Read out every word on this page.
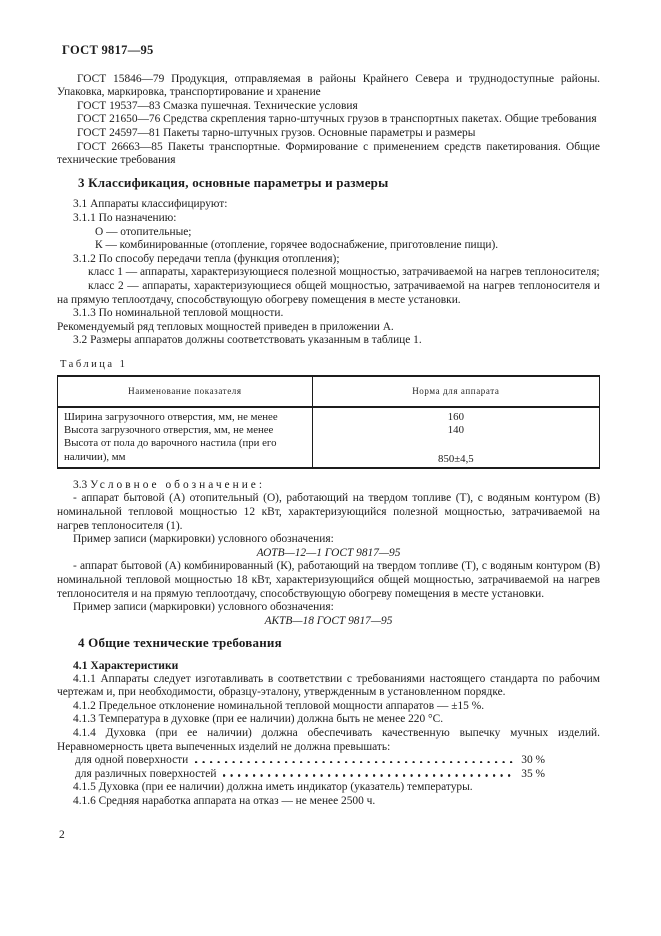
ГОСТ 9817—95

ГОСТ 15846—79 Продукция, отправляемая в районы Крайнего Севера и труднодоступные районы. Упаковка, маркировка, транспортирование и хранение

ГОСТ 19537—83 Смазка пушечная. Технические условия

ГОСТ 21650—76 Средства скрепления тарно-штучных грузов в транспортных пакетах. Общие требования

ГОСТ 24597—81 Пакеты тарно-штучных грузов. Основные параметры и размеры

ГОСТ 26663—85 Пакеты транспортные. Формирование с применением средств пакетирования. Общие технические требования

3 Классификация, основные параметры и размеры

3.1 Аппараты классифицируют:

3.1.1 По назначению:

О — отопительные;

К — комбинированные (отопление, горячее водоснабжение, приготовление пищи).

3.1.2 По способу передачи тепла (функция отопления);

класс 1 — аппараты, характеризующиеся полезной мощностью, затрачиваемой на нагрев теплоносителя;

класс 2 — аппараты, характеризующиеся общей мощностью, затрачиваемой на нагрев теплоносителя и на прямую теплоотдачу, способствующую обогреву помещения в месте установки.

3.1.3 По номинальной тепловой мощности.

Рекомендуемый ряд тепловых мощностей приведен в приложении А.

3.2 Размеры аппаратов должны соответствовать указанным в таблице 1.

Таблица 1

Наименование показателя	Норма для аппарата
Ширина загрузочного отверстия, мм, не менее	160
Высота загрузочного отверстия, мм, не менее	140
Высота от пола до варочного настила (при его наличии), мм	850±4,5

3.3 Условное обозначение:

- аппарат бытовой (А) отопительный (О), работающий на твердом топливе (Т), с водяным контуром (В) номинальной тепловой мощностью 12 кВт, характеризующийся полезной мощностью, затрачиваемой на нагрев теплоносителя (1).

Пример записи (маркировки) условного обозначения:

АОТВ—12—1 ГОСТ 9817—95

- аппарат бытовой (А) комбинированный (К), работающий на твердом топливе (Т), с водяным контуром (В) номинальной тепловой мощностью 18 кВт, характеризующийся общей мощностью, затрачиваемой на нагрев теплоносителя и на прямую теплоотдачу, способствующую обогреву помещения в месте установки.

Пример записи (маркировки) условного обозначения:

АКТВ—18 ГОСТ 9817—95

4 Общие технические требования

4.1 Характеристики

4.1.1 Аппараты следует изготавливать в соответствии с требованиями настоящего стандарта по рабочим чертежам и, при необходимости, образцу-эталону, утвержденным в установленном порядке.

4.1.2 Предельное отклонение номинальной тепловой мощности аппаратов — ±15 %.

4.1.3 Температура в духовке (при ее наличии) должна быть не менее 220 °С.

4.1.4 Духовка (при ее наличии) должна обеспечивать качественную выпечку мучных изделий. Неравномерность цвета выпеченных изделий не должна превышать:

для одной поверхности	30 %
для различных поверхностей	35 %

4.1.5 Духовка (при ее наличии) должна иметь индикатор (указатель) температуры.

4.1.6 Средняя наработка аппарата на отказ — не менее 2500 ч.

2
